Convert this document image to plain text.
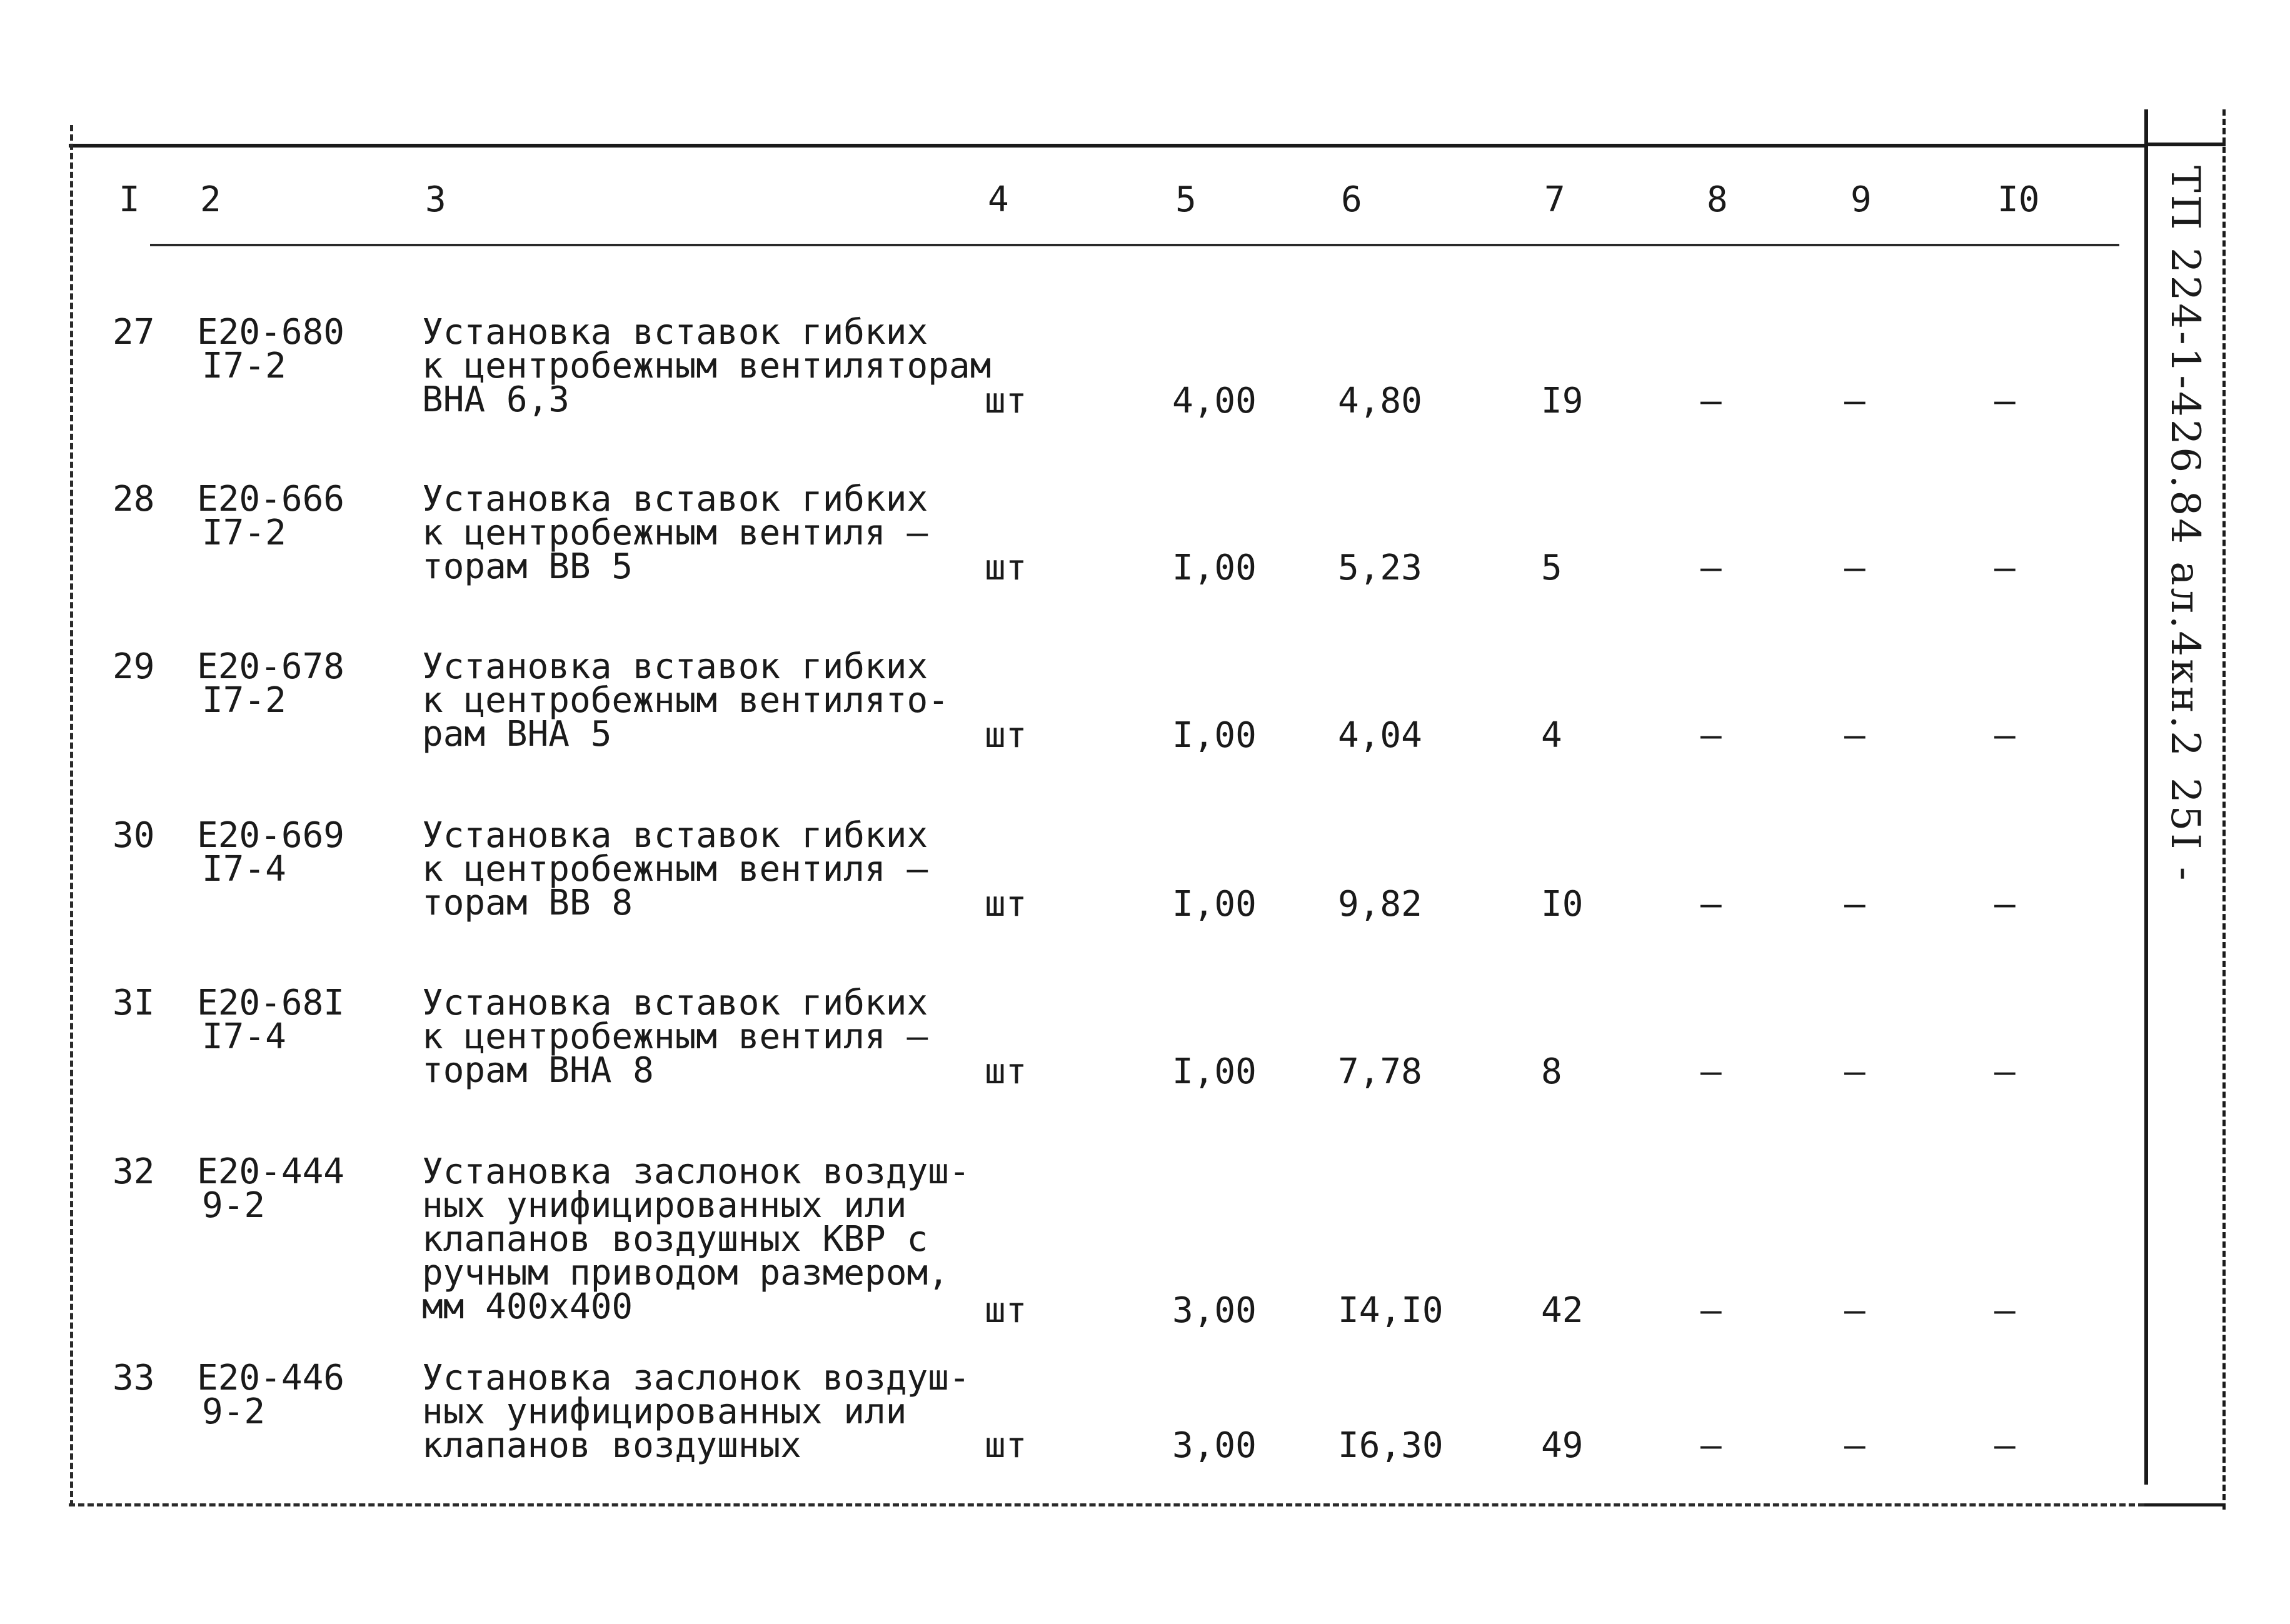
I 2	3	4	5	6	7	8	9	I0
27 E20-680
I7-2
Установка вставок гибких
к центробежным вентиляторам
ВНА 6,3	шт	4,00 4,80	I9	–	–	–
28 E20-666
I7-2
Установка вставок гибких
к центробежным вентиля –
торам ВВ 5	шт	I,00 5,23	5	–	–	–
29 E20-678
I7-2
Установка вставок гибких
к центробежным вентилято-
рам ВНА 5	шт	I,00 4,04	4	–	–	–
30 E20-669
I7-4
Установка вставок гибких
к центробежным вентиля –
торам ВВ 8	шт	I,00 9,82	I0	–	–	–
3I E20-68I
I7-4
Установка вставок гибких
к центробежным вентиля –
торам ВНА 8	шт	I,00 7,78	8	–	–	–
32 E20-444
9-2
Установка заслонок воздуш-
ных унифицированных или
клапанов воздушных КВР с
ручным приводом размером,
мм 400х400	шт	3,00 I4,I0	42	–	–	–
33 E20-446
9-2
Установка заслонок воздуш-
ных унифицированных или
клапанов воздушных	шт	3,00 I6,30	49	–	–	–
ТП 224-1-426.84 ал.4кн.225I -
